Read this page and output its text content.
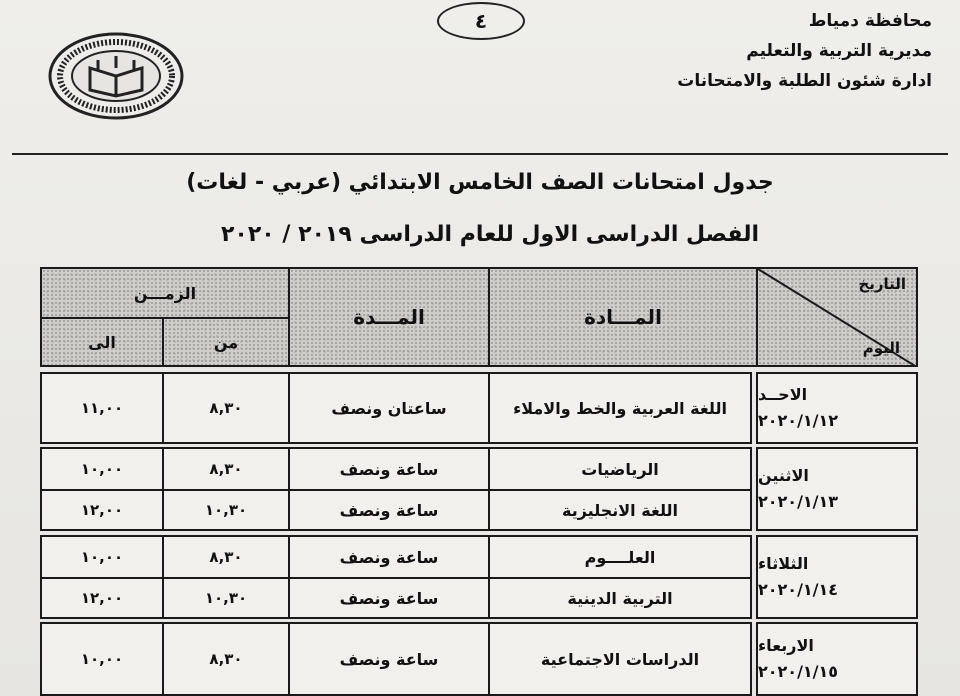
٤	محافظة دمياط
مديرية التربية والتعليم
ادارة شئون الطلبة والامتحانات
جدول امتحانات الصف الخامس الابتدائي (عربي - لغات)
الفصل الدراسى الاول للعام الدراسى ٢٠١٩ / ٢٠٢٠
التاريخ
اليوم
المـــادة
المـــدة
الزمـــن
من
الى
الاحــد
٢٠٢٠/١/١٢
اللغة العربية والخط والاملاء
ساعتان ونصف
٨,٣٠
١١,٠٠
الاثنين
٢٠٢٠/١/١٣
الرياضيات
ساعة ونصف
٨,٣٠
١٠,٠٠
اللغة الانجليزية
ساعة ونصف
١٠,٣٠
١٢,٠٠
الثلاثاء
٢٠٢٠/١/١٤
العلــــوم
ساعة ونصف
٨,٣٠
١٠,٠٠
التربية الدينية
ساعة ونصف
١٠,٣٠
١٢,٠٠
الاربعاء
٢٠٢٠/١/١٥
الدراسات الاجتماعية
ساعة ونصف
٨,٣٠
١٠,٠٠
